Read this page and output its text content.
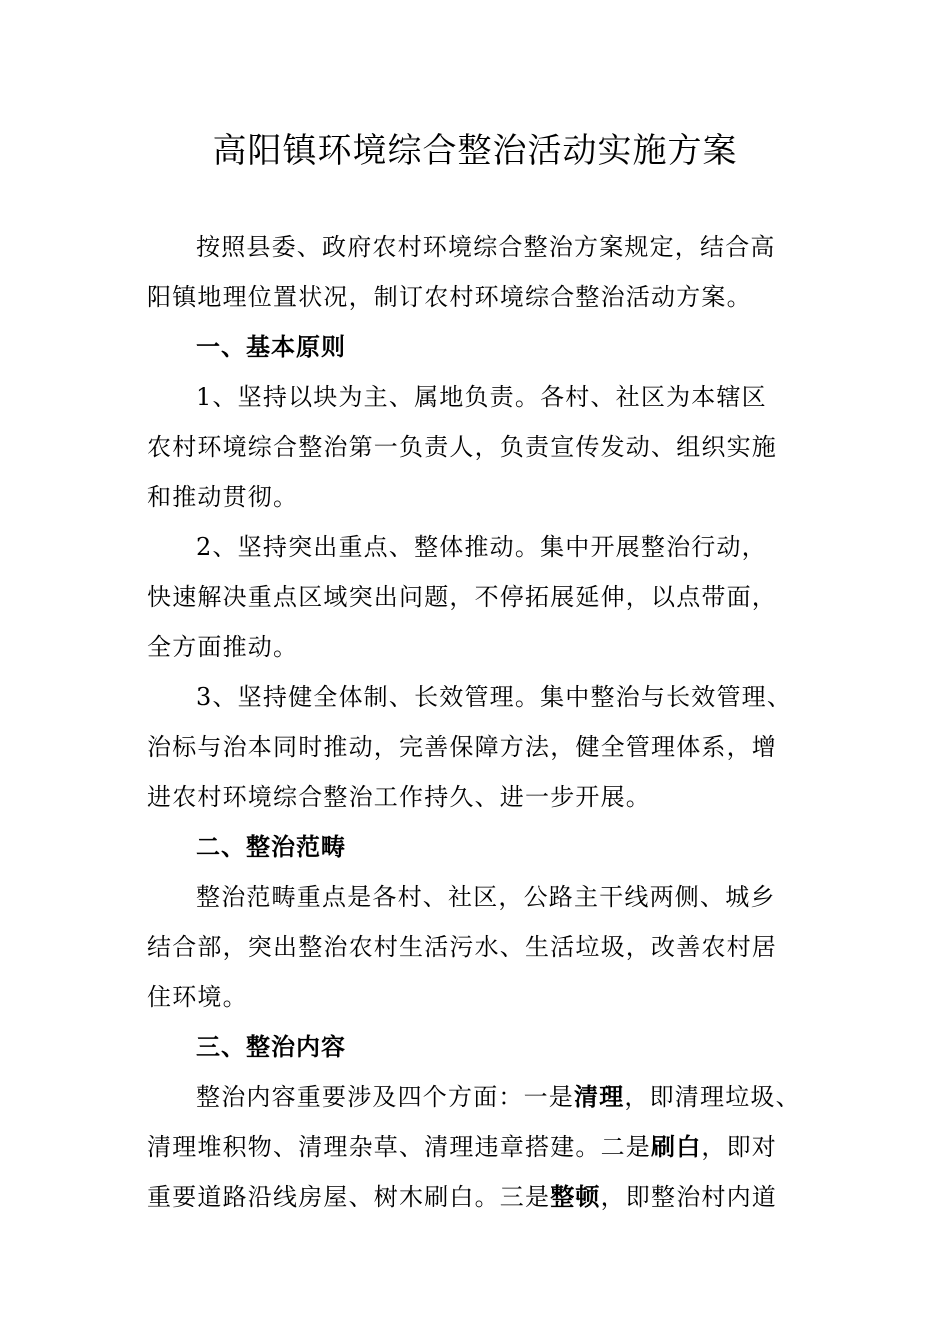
高阳镇环境综合整治活动实施方案
按照县委、政府农村环境综合整治方案规定，结合高
阳镇地理位置状况，制订农村环境综合整治活动方案。
一、基本原则
1、坚持以块为主、属地负责。各村、社区为本辖区
农村环境综合整治第一负责人，负责宣传发动、组织实施
和推动贯彻。
2、坚持突出重点、整体推动。集中开展整治行动，
快速解决重点区域突出问题，不停拓展延伸，以点带面，
全方面推动。
3、坚持健全体制、长效管理。集中整治与长效管理、
治标与治本同时推动，完善保障方法，健全管理体系，增
进农村环境综合整治工作持久、进一步开展。
二、整治范畴
整治范畴重点是各村、社区，公路主干线两侧、城乡
结合部，突出整治农村生活污水、生活垃圾，改善农村居
住环境。
三、整治内容
整治内容重要涉及四个方面：一是清理，即清理垃圾、
清理堆积物、清理杂草、清理违章搭建。二是刷白，即对
重要道路沿线房屋、树木刷白。三是整顿，即整治村内道
